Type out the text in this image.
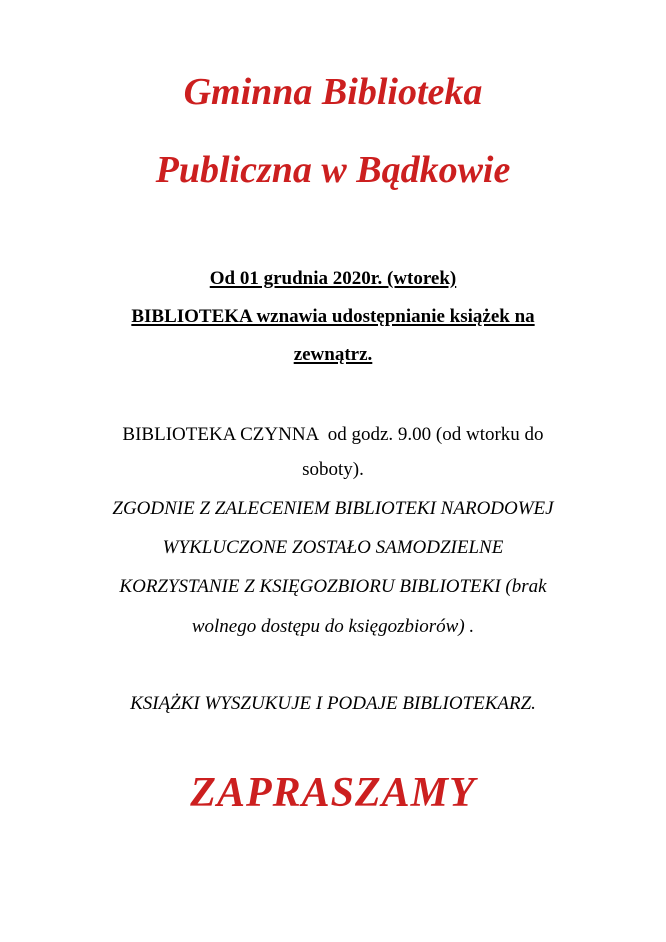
Gminna Biblioteka
Publiczna w Bądkowie
Od 01 grudnia 2020r. (wtorek)
BIBLIOTEKA wznawia udostępnianie książek na
zewnątrz.
BIBLIOTEKA CZYNNA  od godz. 9.00 (od wtorku do
soboty).
ZGODNIE Z ZALECENIEM BIBLIOTEKI NARODOWEJ
WYKLUCZONE ZOSTAŁO SAMODZIELNE
KORZYSTANIE Z KSIĘGOZBIORU BIBLIOTEKI (brak
wolnego dostępu do księgozbiorów) .
KSIĄŻKI WYSZUKUJE I PODAJE BIBLIOTEKARZ.
ZAPRASZAMY
